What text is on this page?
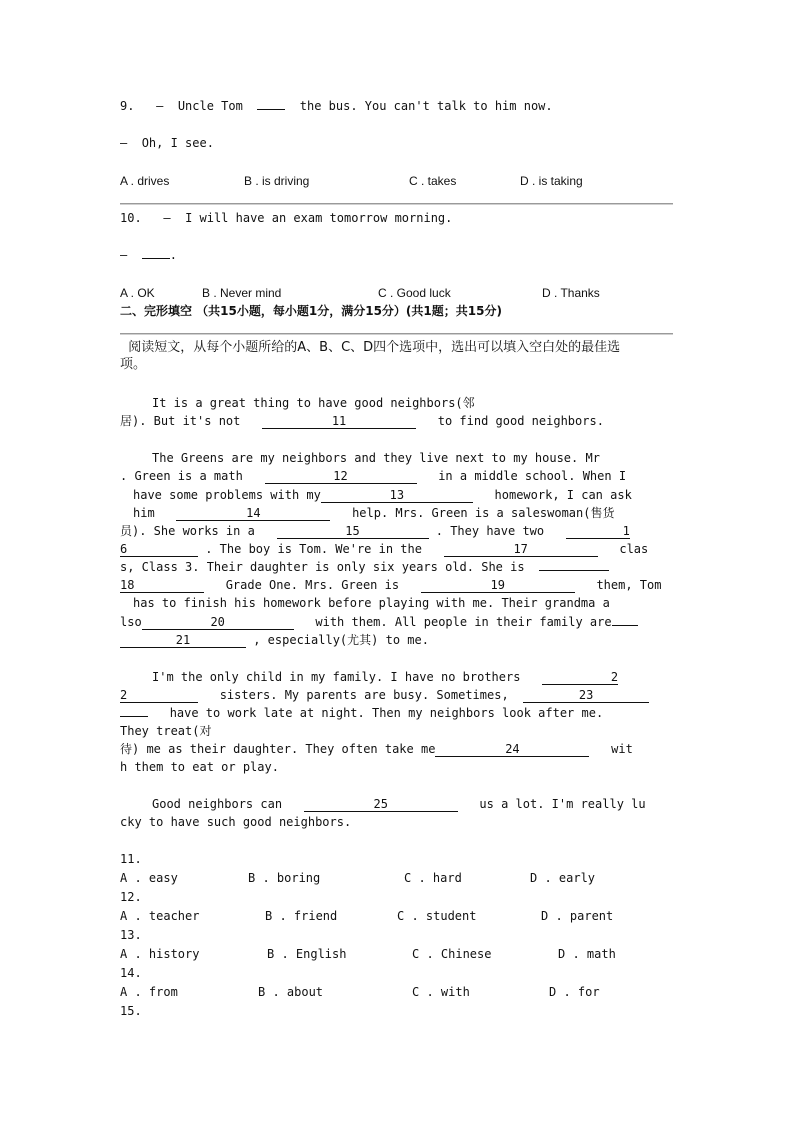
9. — Uncle Tom	the bus. You can't talk to him now.
— Oh, I see.
A . drives	B . is driving	C . takes	D . is taking
10. — I will have an exam tomorrow morning.
—	.
A . OK	B . Never mind	C . Good luck	D . Thanks
二、完形填空 （共15小题，每小题1分，满分15分）(共1题；共15分)
阅读短文，从每个小题所给的A、B、C、D四个选项中，选出可以填入空白处的最佳选
项。
It is a great thing to have good neighbors(邻
居). But it's not	11	to find good neighbors.
The Greens are my neighbors and they live next to my house. Mr
. Green is a math	12	in a middle school. When I
have some problems with my	13	homework, I can ask
him	14	help. Mrs. Green is a saleswoman(售货
员). She works in a	15	. They have two	1
6	. The boy is Tom. We're in the	17	clas
s, Class 3. Their daughter is only six years old. She is
18	Grade One. Mrs. Green is	19	them, Tom
has to finish his homework before playing with me. Their grandma a
lso	20	with them. All people in their family are
21	, especially(尤其) to me.
I'm the only child in my family. I have no brothers	2
2	sisters. My parents are busy. Sometimes,	23
have to work late at night. Then my neighbors look after me.
They treat(对
待) me as their daughter. They often take me	24	wit
h them to eat or play.
Good neighbors can	25	us a lot. I'm really lu
cky to have such good neighbors.
11.
A . easy	B . boring	C . hard	D . early
12.
A . teacher	B . friend	C . student	D . parent
13.
A . history	B . English	C . Chinese	D . math
14.
A . from	B . about	C . with	D . for
15.
